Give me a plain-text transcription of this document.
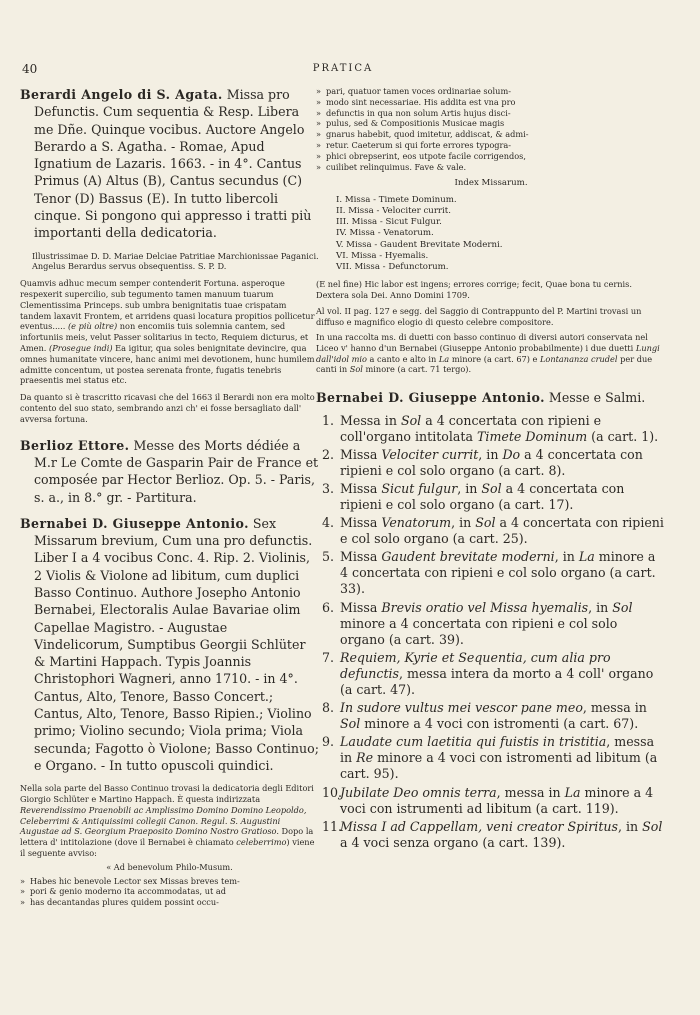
40	PRATICA

Berardi Angelo di S. Agata. Missa pro Defunctis. Cum sequentia & Resp. Libera me Dñe. Quinque vocibus. Auctore Angelo Berardo a S. Agatha. - Romae, Apud Ignatium de Lazaris. 1663. - in 4°. Cantus Primus (A) Altus (B), Cantus secundus (C) Tenor (D) Bassus (E). In tutto libercoli cinque. Si pongono qui appresso i tratti più importanti della dedicatoria.

Illustrissimae D. D. Mariae Delciae Patritiae Marchionissae Paganici. Angelus Berardus servus obsequentiss. S. P. D.

Quamvis adhuc mecum semper contenderit Fortuna. asperoque respexerit supercilio, sub tegumento tamen manuum tuarum Clementissima Princeps. sub umbra benignitatis tuae crispatam tandem laxavit Frontem, et arridens quasi locatura propitios pollicetur eventus..... (e più oltre) non encomiis tuis solemnia cantem, sed infortuniis meis, velut Passer solitarius in tecto, Requiem dicturus, et Amen. (Prosegue indi) Ea igitur, qua soles benignitate devincire, qua omnes humanitate vincere, hanc animi mei devotionem, hunc humilem admitte concentum, ut postea serenata fronte, fugatis tenebris praesentis mei status etc.

Da quanto si è trascritto ricavasi che del 1663 il Berardi non era molto contento del suo stato, sembrando anzi ch' ei fosse bersagliato dall' avversa fortuna.

Berlioz Ettore. Messe des Morts dédiée a M.r Le Comte de Gasparin Pair de France et composée par Hector Berlioz. Op. 5. - Paris, s. a., in 8.° gr. - Partitura.

Bernabei D. Giuseppe Antonio. Sex Missarum brevium, Cum una pro defunctis. Liber I a 4 vocibus Conc. 4. Rip. 2. Violinis, 2 Violis & Violone ad libitum, cum duplici Basso Continuo. Authore Josepho Antonio Bernabei, Electoralis Aulae Bavariae olim Capellae Magistro. - Augustae Vindelicorum, Sumptibus Georgii Schlüter & Martini Happach. Typis Joannis Christophori Wagneri, anno 1710. - in 4°. Cantus, Alto, Tenore, Basso Concert.; Cantus, Alto, Tenore, Basso Ripien.; Violino primo; Violino secundo; Viola prima; Viola secunda; Fagotto ò Violone; Basso Continuo; e Organo. - In tutto opuscoli quindici.

Nella sola parte del Basso Continuo trovasi la dedicatoria degli Editori Giorgio Schlüter e Martino Happach. È questa indirizzata Reverendissimo Praenobili ac Amplissimo Domino Domino Leopoldo, Celeberrimi & Antiquissimi collegii Canon. Regul. S. Augustini Augustae ad S. Georgium Praeposito Domino Nostro Gratioso. Dopo la lettera d' intitolazione (dove il Bernabei è chiamato celeberrimo) viene il seguente avviso:

« Ad benevolum Philo-Musum.

» Habes hic benevole Lector sex Missas breves tem-

» pori & genio moderno ita accommodatas, ut ad

» has decantandas plures quidem possint occu-

» pari, quatuor tamen voces ordinariae solum-

» modo sint necessariae. His addita est vna pro

» defunctis in qua non solum Artis hujus disci-

» pulus, sed & Compositionis Musicae magis

» gnarus habebit, quod imitetur, addiscat, & admi-

» retur. Caeterum si qui forte errores typogra-

» phici obrepserint, eos utpote facile corrigendos,

» cuilibet relinquimus. Fave & vale.

Index Missarum.

I. Missa - Timete Dominum.

II. Missa - Velociter currit.

III. Missa - Sicut Fulgur.

IV. Missa - Venatorum.

V. Missa - Gaudent Brevitate Moderni.

VI. Missa - Hyemalis.

VII. Missa - Defunctorum.

(E nel fine) Hic labor est ingens; errores corrige; fecit, Quae bona tu cernis. Dextera sola Dei. Anno Domini 1709.

Al vol. II pag. 127 e segg. del Saggio di Contrappunto del P. Martini trovasi un diffuso e magnifico elogio di questo celebre compositore.

In una raccolta ms. di duetti con basso continuo di diversi autori conservata nel Liceo v' hanno d'un Bernabei (Giuseppe Antonio probabilmente) i due duetti Lungi dall'idol mio a canto e alto in La minore (a cart. 67) e Lontananza crudel per due canti in Sol minore (a cart. 71 tergo).

Bernabei D. Giuseppe Antonio. Messe e Salmi.

1. Messa in Sol a 4 concertata con ripieni e coll'organo intitolata Timete Dominum (a cart. 1).
2. Missa Velociter currit, in Do a 4 concertata con ripieni e col solo organo (a cart. 8).
3. Missa Sicut fulgur, in Sol a 4 concertata con ripieni e col solo organo (a cart. 17).
4. Missa Venatorum, in Sol a 4 concertata con ripieni e col solo organo (a cart. 25).
5. Missa Gaudent brevitate moderni, in La minore a 4 concertata con ripieni e col solo organo (a cart. 33).
6. Missa Brevis oratio vel Missa hyemalis, in Sol minore a 4 concertata con ripieni e col solo organo (a cart. 39).
7. Requiem, Kyrie et Sequentia, cum alia pro defunctis, messa intera da morto a 4 coll' organo (a cart. 47).
8. In sudore vultus mei vescor pane meo, messa in Sol minore a 4 voci con istromenti (a cart. 67).
9. Laudate cum laetitia qui fuistis in tristitia, messa in Re minore a 4 voci con istromenti ad libitum (a cart. 95).
10.
Jubilate Deo omnis terra, messa in La minore a 4 voci con istrumenti ad libitum (a cart. 119).
11.
Missa I ad Cappellam, veni creator Spiritus, in Sol a 4 voci senza organo (a cart. 139).
